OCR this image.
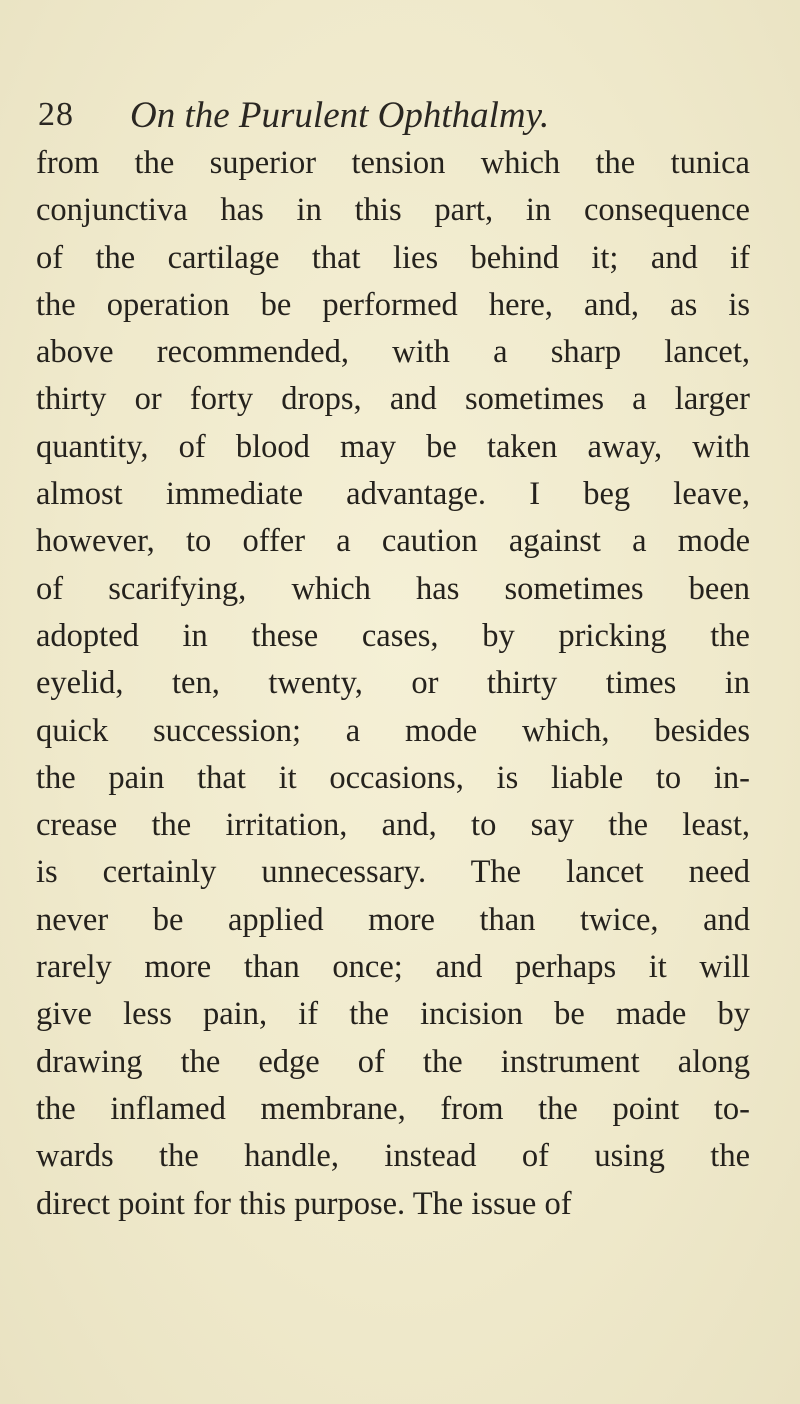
28 On the Purulent Ophthalmy.
from the superior tension which the tunica
conjunctiva has in this part, in consequence
of the cartilage that lies behind it; and if
the operation be performed here, and, as is
above recommended, with a sharp lancet,
thirty or forty drops, and sometimes a larger
quantity, of blood may be taken away, with
almost immediate advantage. I beg leave,
however, to offer a caution against a mode
of scarifying, which has sometimes been
adopted in these cases, by pricking the
eyelid, ten, twenty, or thirty times in
quick succession; a mode which, besides
the pain that it occasions, is liable to in-
crease the irritation, and, to say the least,
is certainly unnecessary. The lancet need
never be applied more than twice, and
rarely more than once; and perhaps it will
give less pain, if the incision be made by
drawing the edge of the instrument along
the inflamed membrane, from the point to-
wards the handle, instead of using the
direct point for this purpose. The issue of
